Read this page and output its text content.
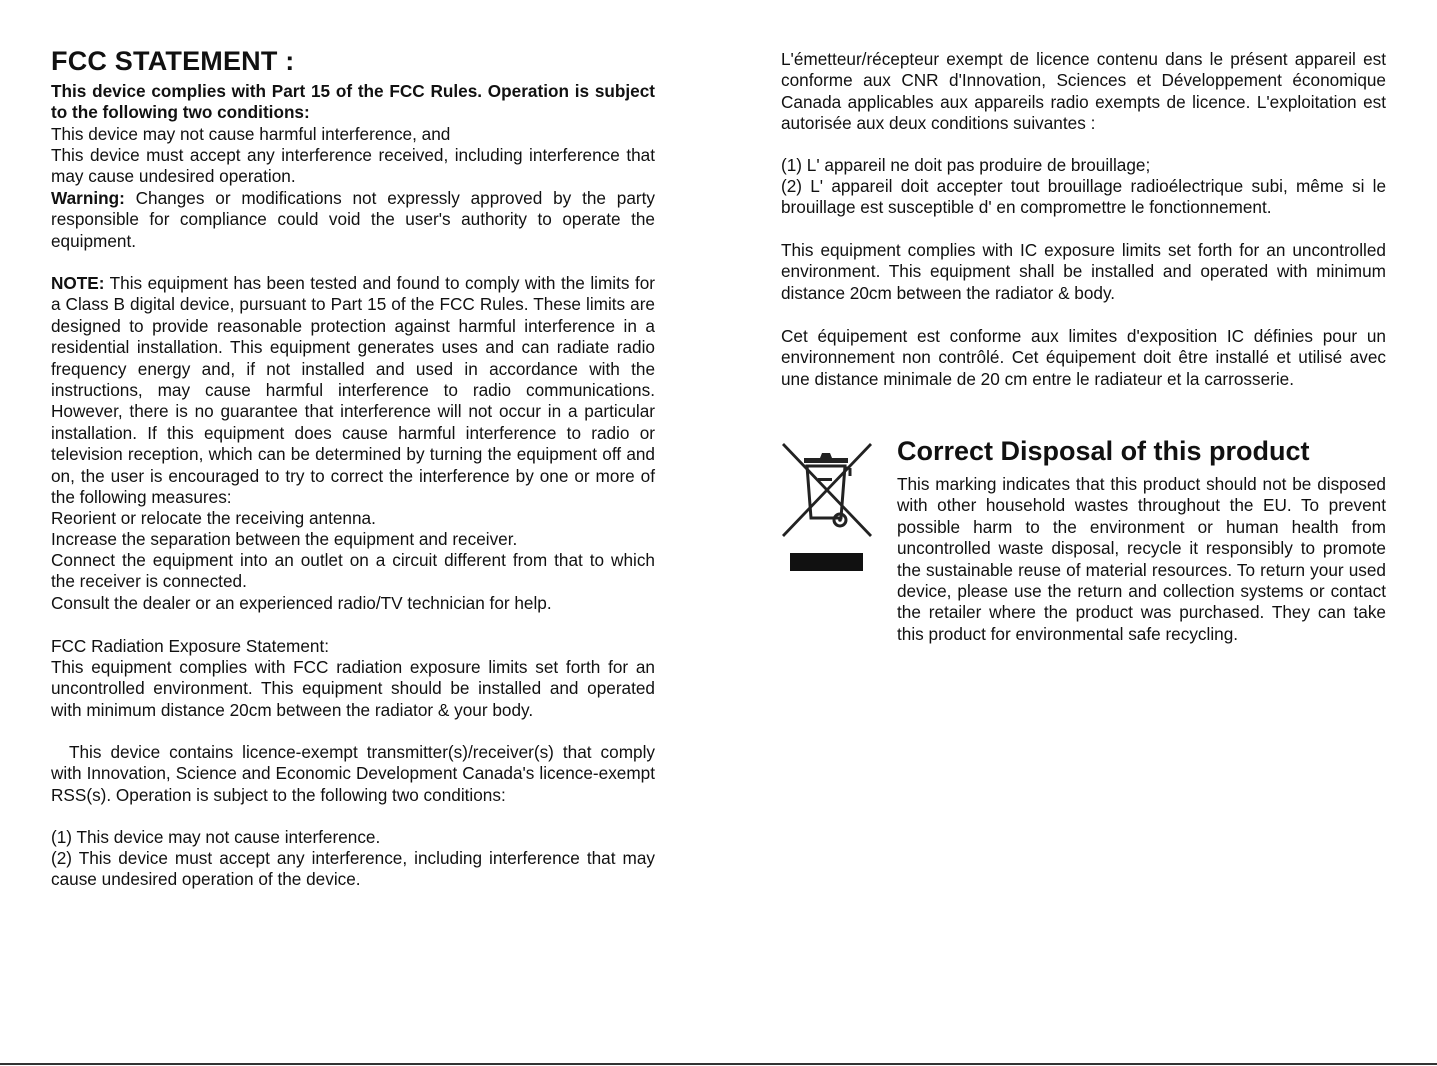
FCC STATEMENT :
This device complies with Part 15 of the FCC Rules. Operation is subject to the following two conditions:
This device may not cause harmful interference, and
This device must accept any interference received, including interference that may cause undesired operation.
Warning: Changes or modifications not expressly approved by the party responsible for compliance could void the user's authority to operate the equipment.
NOTE: This equipment has been tested and found to comply with the limits for a Class B digital device, pursuant to Part 15 of the FCC Rules. These limits are designed to provide reasonable protection against harmful interference in a residential installation. This equipment generates uses and can radiate radio frequency energy and, if not installed and used in accordance with the instructions, may cause harmful interference to radio communications. However, there is no guarantee that interference will not occur in a particular installation. If this equipment does cause harmful interference to radio or television reception, which can be determined by turning the equipment off and on, the user is encouraged to try to correct the interference by one or more of the following measures:
Reorient or relocate the receiving antenna.
Increase the separation between the equipment and receiver.
Connect the equipment into an outlet on a circuit different from that to which the receiver is connected.
Consult the dealer or an experienced radio/TV technician for help.
FCC Radiation Exposure Statement:
This equipment complies with FCC radiation exposure limits set forth for an uncontrolled environment. This equipment should be installed and operated with minimum distance 20cm between the radiator & your body.
This device contains licence-exempt transmitter(s)/receiver(s) that comply with Innovation, Science and Economic Development Canada's licence-exempt RSS(s). Operation is subject to the following two conditions:
(1) This device may not cause interference.
(2) This device must accept any interference, including interference that may cause undesired operation of the device.
L'émetteur/récepteur exempt de licence contenu dans le présent appareil est conforme aux CNR d'Innovation, Sciences et Développement économique Canada applicables aux appareils radio exempts de licence. L'exploitation est autorisée aux deux conditions suivantes :
(1) L' appareil ne doit pas produire de brouillage;
(2) L' appareil doit accepter tout brouillage radioélectrique subi, même si le brouillage est susceptible d' en compromettre le fonctionnement.
This equipment complies with IC exposure limits set forth for an uncontrolled environment. This equipment shall be installed and operated with minimum distance 20cm between the radiator & body.
Cet équipement est conforme aux limites d'exposition IC définies pour un environnement non contrôlé. Cet équipement doit être installé et utilisé avec une distance minimale de 20 cm entre le radiateur et la carrosserie.
Correct Disposal of this product
This marking indicates that this product should not be disposed with other household wastes throughout the EU. To prevent possible harm to the environment or human health from uncontrolled waste disposal, recycle it responsibly to promote the sustainable reuse of material resources. To return your used device, please use the return and collection systems or contact the retailer where the product was purchased. They can take this product for environmental safe recycling.
